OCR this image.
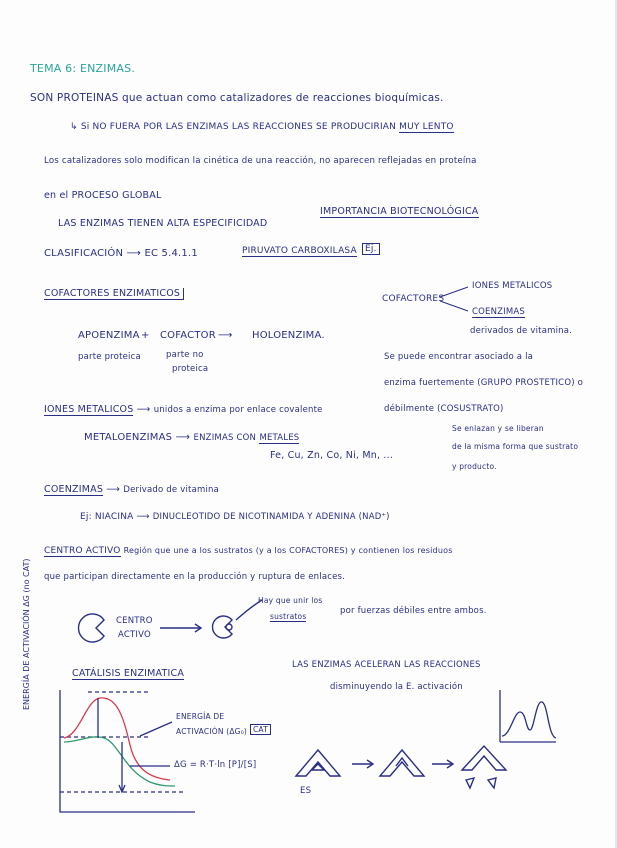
TEMA 6: ENZIMAS.
SON PROTEINAS que actuan como catalizadores de reacciones bioquímicas.
↳ Si NO FUERA POR LAS ENZIMAS LAS REACCIONES SE PRODUCIRIAN MUY LENTO
Los catalizadores solo modifican la cinética de una reacción, no aparecen reflejadas en proteína
en el PROCESO GLOBAL
LAS ENZIMAS TIENEN ALTA ESPECIFICIDAD
IMPORTANCIA BIOTECNOLÓGICA
CLASIFICACIÓN ⟶ EC 5.4.1.1	PIRUVATO CARBOXILASA Ej.
COFACTORES ENZIMATICOS	COFACTORES
IONES METALICOS
COENZIMAS
derivados de vitamina.
APOENZIMA + COFACTOR ⟶ HOLOENZIMA.
parte proteica	parte no
proteica
Se puede encontrar asociado a la
enzima fuertemente (GRUPO PROSTETICO) o
débilmente (COSUSTRATO)
Se enlazan y se liberan
de la misma forma que sustrato
y producto.
IONES METALICOS ⟶ unidos a enzima por enlace covalente
METALOENZIMAS ⟶ ENZIMAS CON METALES
Fe, Cu, Zn, Co, Ni, Mn, ...
COENZIMAS ⟶ Derivado de vitamina
Ej: NIACINA ⟶ DINUCLEOTIDO DE NICOTINAMIDA Y ADENINA (NAD⁺)
CENTRO ACTIVO Región que une a los sustratos (y a los COFACTORES) y contienen los residuos
que participan directamente en la producción y ruptura de enlaces.
CENTRO
ACTIVO
Hay que unir los
sustratos
por fuerzas débiles entre ambos.
CATÁLISIS ENZIMATICA
ENERGÍA DE ACTIVACIÓN ΔG (no CAT)
ENERGÍA DE
ACTIVACIÓN (ΔG₀) CAT
ΔG = R·T·ln [P]/[S]
LAS ENZIMAS ACELERAN LAS REACCIONES
disminuyendo la E. activación
ES
